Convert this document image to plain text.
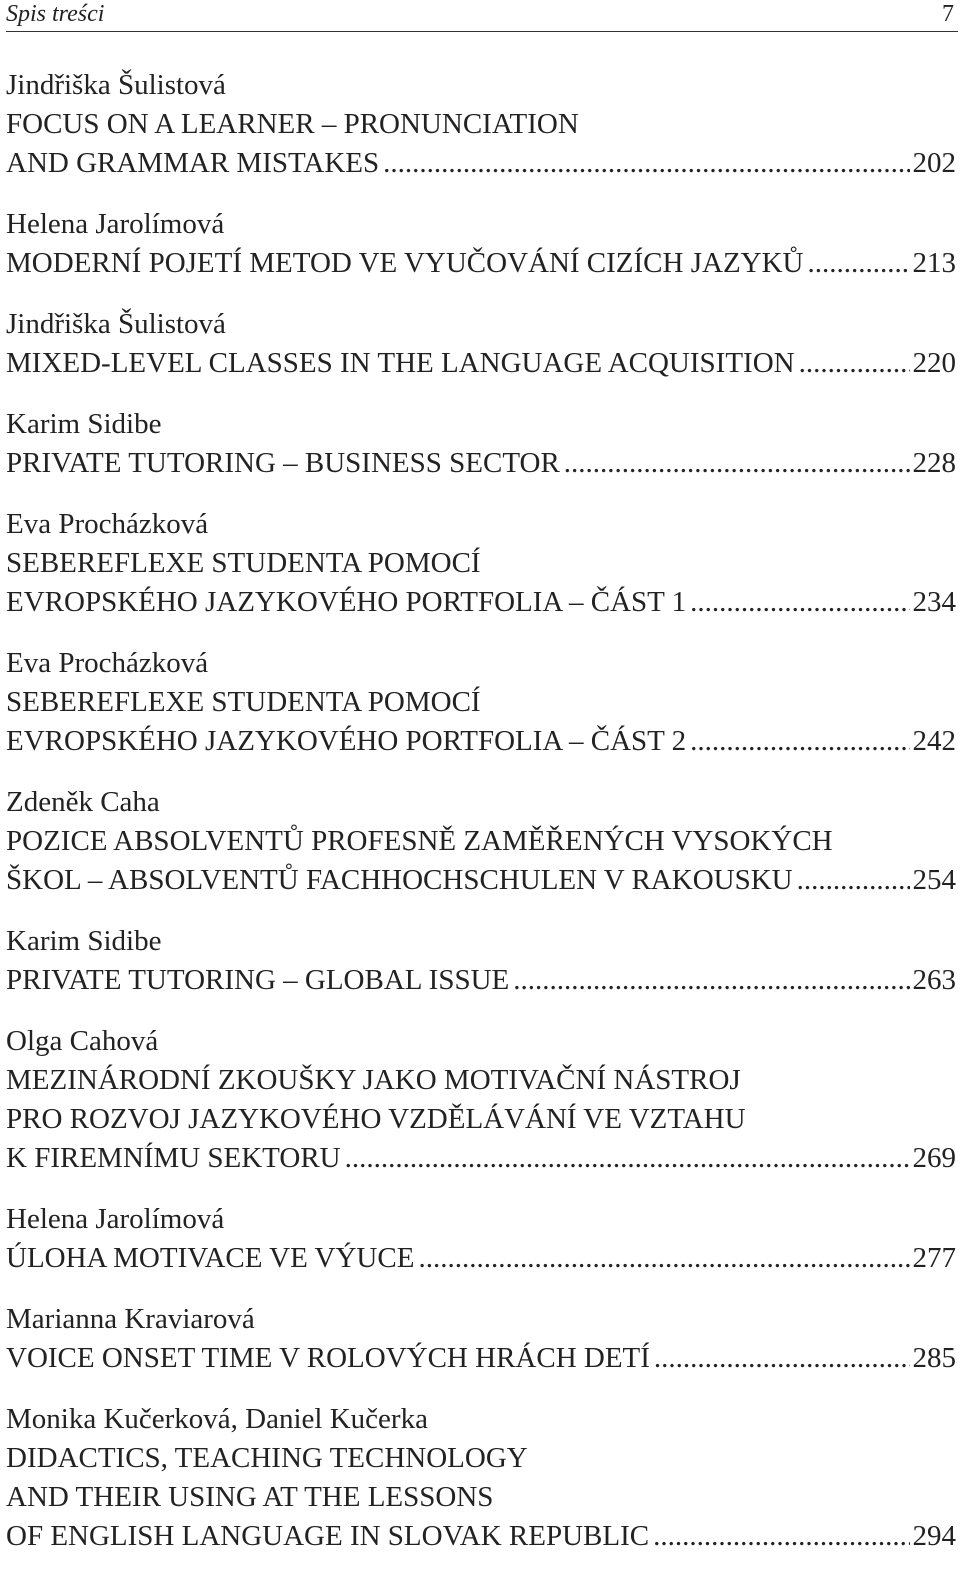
Spis treści	7
Jindřiška Šulistová
FOCUS ON A LEARNER – PRONUNCIATION
AND GRAMMAR MISTAKES .....	202
Helena Jarolímová
MODERNÍ POJETÍ METOD VE VYUČOVÁNÍ CIZÍCH JAZYKŮ .....	213
Jindřiška Šulistová
MIXED-LEVEL CLASSES IN THE LANGUAGE ACQUISITION .....	220
Karim Sidibe
PRIVATE TUTORING – BUSINESS SECTOR .....	228
Eva Procházková
SEBEREFLEXE STUDENTA POMOCÍ
EVROPSKÉHO JAZYKOVÉHO PORTFOLIA – ČÁST 1 .....	234
Eva Procházková
SEBEREFLEXE STUDENTA POMOCÍ
EVROPSKÉHO JAZYKOVÉHO PORTFOLIA – ČÁST 2 .....	242
Zdeněk Caha
POZICE ABSOLVENTŮ PROFESNĚ ZAMĚŘENÝCH VYSOKÝCH
ŠKOL – ABSOLVENTŮ FACHHOCHSCHULEN V RAKOUSKU .....	254
Karim Sidibe
PRIVATE TUTORING – GLOBAL ISSUE .....	263
Olga Cahová
MEZINÁRODNÍ ZKOUŠKY JAKO MOTIVAČNÍ NÁSTROJ
PRO ROZVOJ JAZYKOVÉHO VZDĚLÁVÁNÍ VE VZTAHU
K FIREMNÍMU SEKTORU .....	269
Helena Jarolímová
ÚLOHA MOTIVACE VE VÝUCE .....	277
Marianna Kraviarová
VOICE ONSET TIME V ROLOVÝCH HRÁCH DETÍ .....	285
Monika Kučerková, Daniel Kučerka
DIDACTICS, TEACHING TECHNOLOGY
AND THEIR USING AT THE LESSONS
OF ENGLISH LANGUAGE IN SLOVAK REPUBLIC .....	294
